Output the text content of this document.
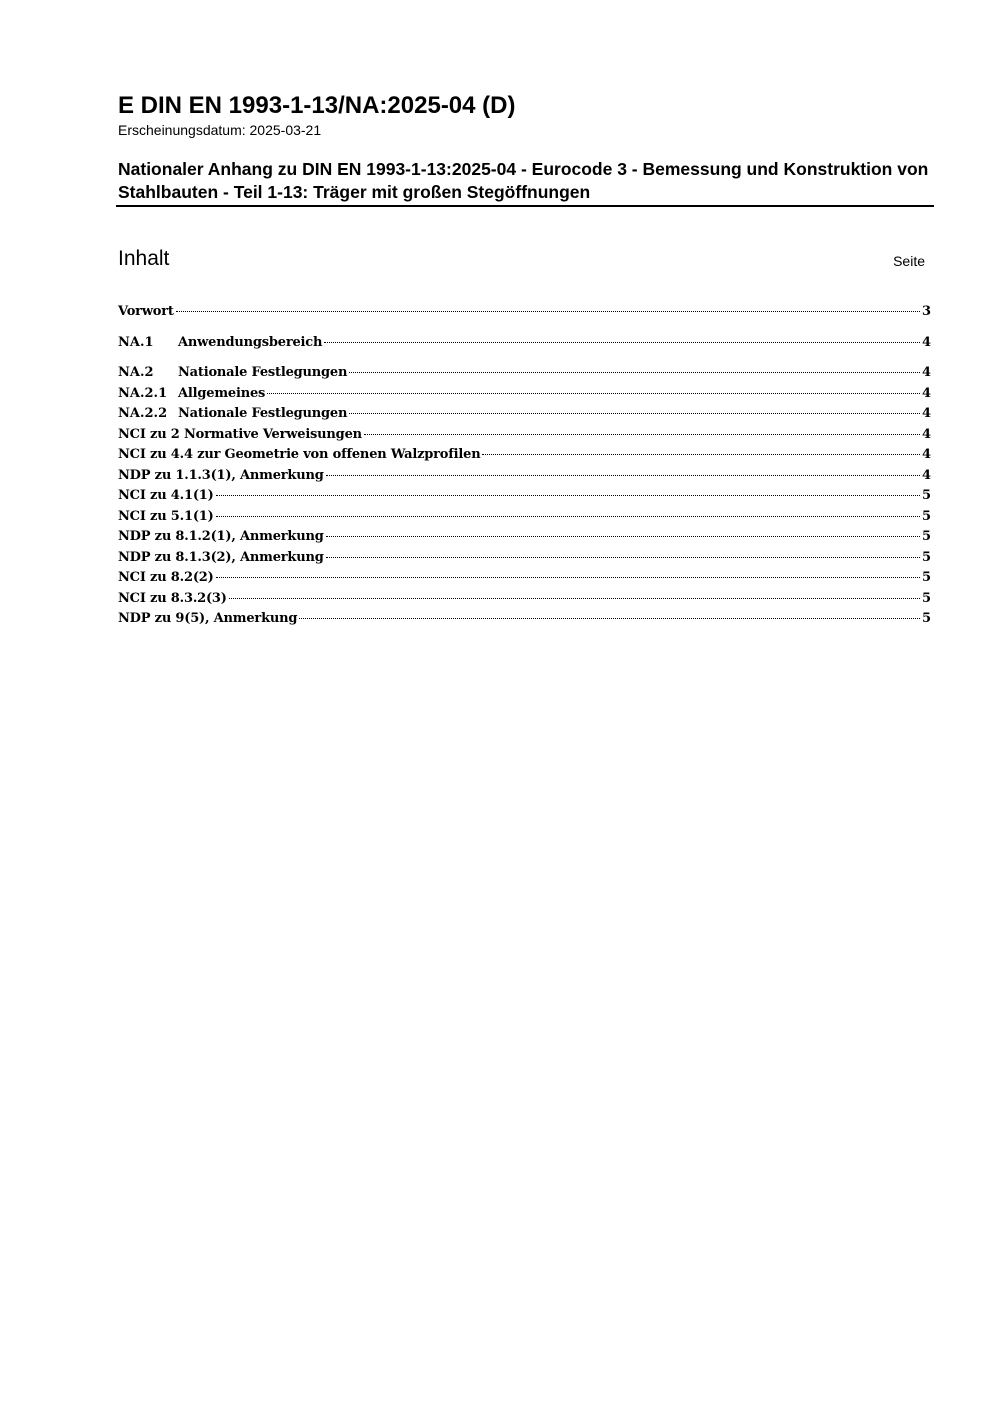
E DIN EN 1993-1-13/NA:2025-04 (D)
Erscheinungsdatum: 2025-03-21
Nationaler Anhang zu DIN EN 1993-1-13:2025-04 - Eurocode 3 - Bemessung und Konstruktion von Stahlbauten - Teil 1-13: Träger mit großen Stegöffnungen
Inhalt	Seite
Vorwort	3
NA.1	Anwendungsbereich	4
NA.2	Nationale Festlegungen	4
NA.2.1 Allgemeines	4
NA.2.2 Nationale Festlegungen	4
NCI zu 2 Normative Verweisungen	4
NCI zu 4.4 zur Geometrie von offenen Walzprofilen	4
NDP zu 1.1.3(1), Anmerkung	4
NCI zu 4.1(1)	5
NCI zu 5.1(1)	5
NDP zu 8.1.2(1), Anmerkung	5
NDP zu 8.1.3(2), Anmerkung	5
NCI zu 8.2(2)	5
NCI zu 8.3.2(3)	5
NDP zu 9(5), Anmerkung	5
